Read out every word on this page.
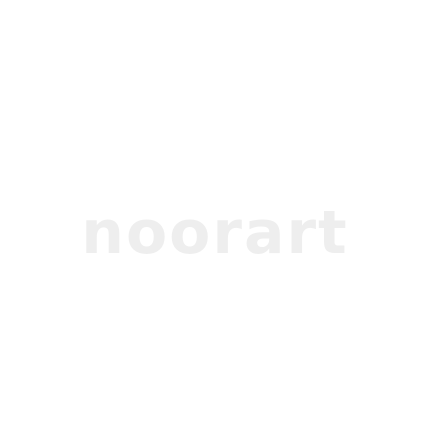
noorart
